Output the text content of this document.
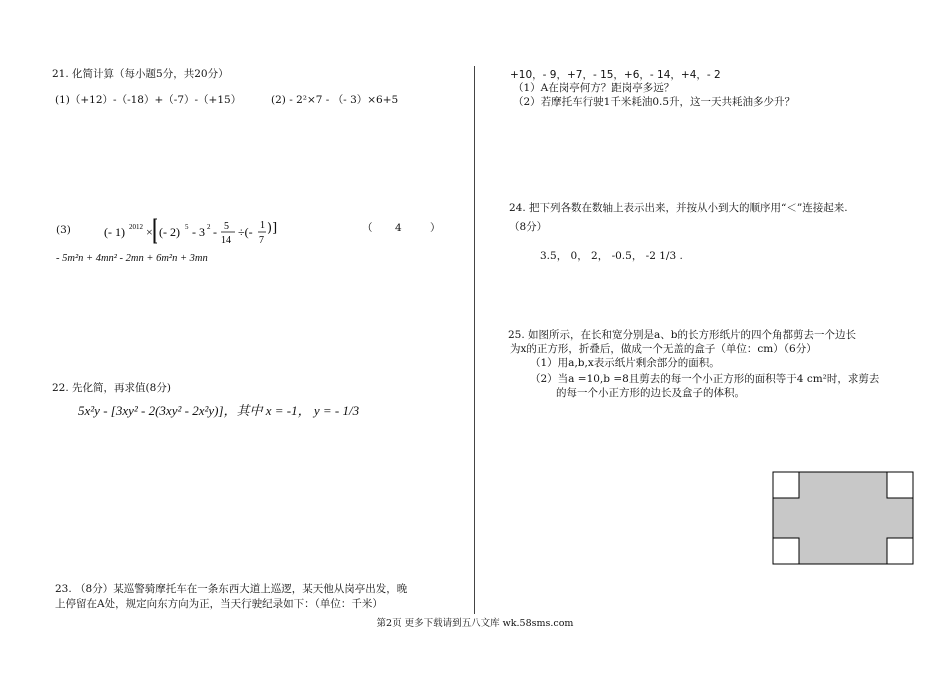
21. 化简计算（每小题5分，共20分）
(1)（+12）-（-18）+（-7）-（+15）	(2) - 2²×7 - （- 3）×6+5
(3)	(- 1) 2012 × (- 2) 5 - 3 2 - 5
14
÷(- 1
7
)]	（ 4	）
- 5m²n + 4mn² - 2mn + 6m²n + 3mn
22. 先化简，再求值(8分)
5x²y - [3xy² - 2(3xy² - 2x²y)]，其中 x = -1， y = - 1/3
23. （8分）某巡警骑摩托车在一条东西大道上巡逻，某天他从岗亭出发，晚
上停留在A处，规定向东方向为正，当天行驶纪录如下：（单位：千米）
+10，- 9，+7，- 15，+6，- 14，+4，- 2
（1）A在岗亭何方？距岗亭多远？
（2）若摩托车行驶1千米耗油0.5升，这一天共耗油多少升？
24. 把下列各数在数轴上表示出来，并按从小到大的顺序用“＜”连接起来.
（8分）
3.5， 0， 2， -0.5， -2 1/3 .
25. 如图所示，在长和宽分别是a、b的长方形纸片的四个角都剪去一个边长
为x的正方形，折叠后，做成一个无盖的盒子（单位：cm）（6分）
（1）用a,b,x表示纸片剩余部分的面积。
（2）当a =10,b =8且剪去的每一个小正方形的面积等于4 cm²时，求剪去
的每一个小正方形的边长及盒子的体积。
第2页 更多下载请到五八文库 wk.58sms.com
